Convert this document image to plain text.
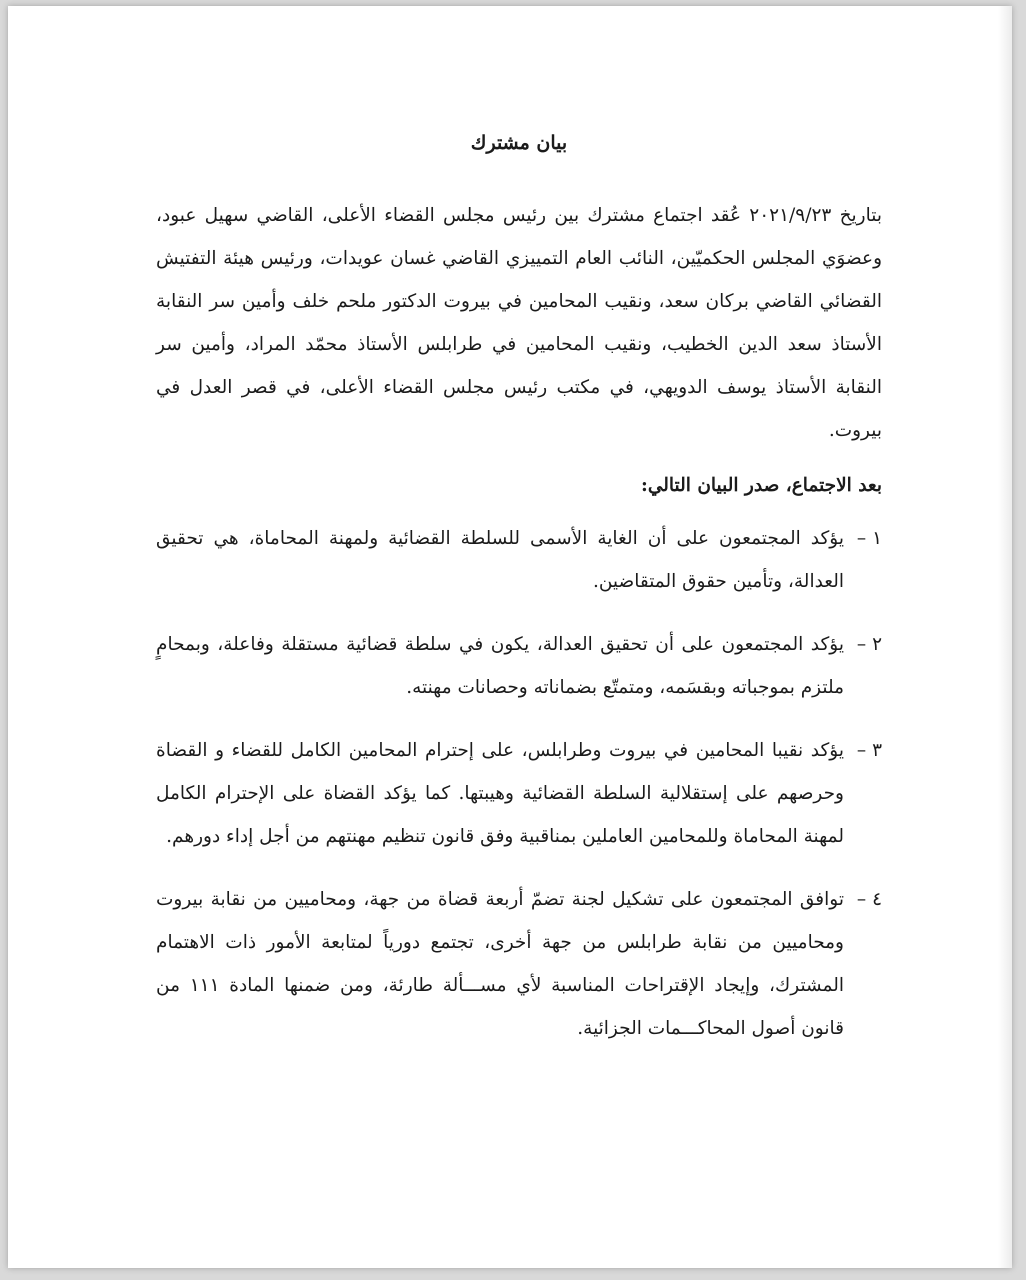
بيان مشترك

بتاريخ ٢٠٢١/٩/٢٣ عُقد اجتماع مشترك بين رئيس مجلس القضاء الأعلى، القاضي سهيل عبود، وعضوَي المجلس الحكميّين، النائب العام التمييزي القاضي غسان عويدات، ورئيس هيئة التفتيش القضائي القاضي بركان سعد، ونقيب المحامين في بيروت الدكتور ملحم خلف وأمين سر النقابة الأستاذ سعد الدين الخطيب، ونقيب المحامين في طرابلس الأستاذ محمّد المراد، وأمين سر النقابة الأستاذ يوسف الدويهي، في مكتب رئيس مجلس القضاء الأعلى، في قصر العدل في بيروت.

بعد الاجتماع، صدر البيان التالي:

١ –
يؤكد المجتمعون على أن الغاية الأسمى للسلطة القضائية ولمهنة المحاماة، هي تحقيق العدالة، وتأمين حقوق المتقاضين.
٢ –
يؤكد المجتمعون على أن تحقيق العدالة، يكون في سلطة قضائية مستقلة وفاعلة، وبمحامٍ ملتزم بموجباته وبقسَمه، ومتمتّع بضماناته وحصانات مهنته.
٣ –
يؤكد نقيبا المحامين في بيروت وطرابلس، على إحترام المحامين الكامل للقضاء و القضاة وحرصهم على إستقلالية السلطة القضائية وهيبتها. كما يؤكد القضاة على الإحترام الكامل لمهنة المحاماة وللمحامين العاملين بمناقبية وفق قانون تنظيم مهنتهم من أجل إداء دورهم.
٤ –
توافق المجتمعون على تشكيل لجنة تضمّ أربعة قضاة من جهة، ومحاميين من نقابة بيروت ومحاميين من نقابة طرابلس من جهة أخرى، تجتمع دورياً لمتابعة الأمور ذات الاهتمام المشترك، وإيجاد الإقتراحات المناسبة لأي مســـألة طارئة، ومن ضمنها المادة ١١١ من قانون أصول المحاكـــمات الجزائية.
